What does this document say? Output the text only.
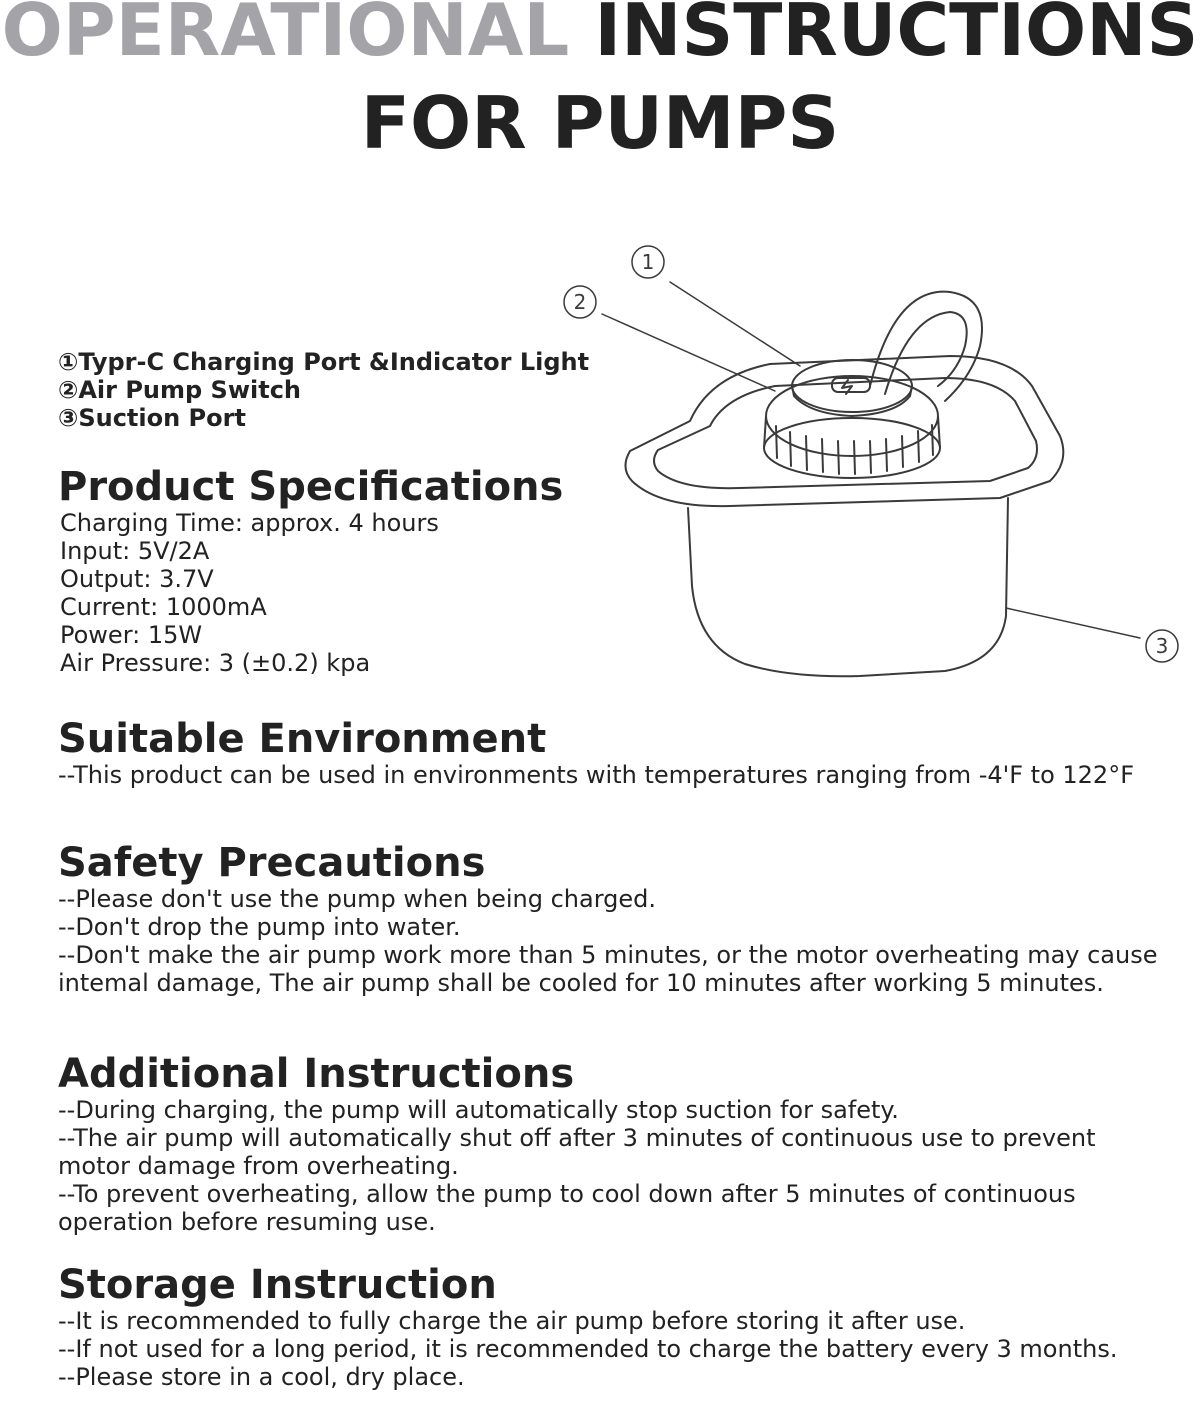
OPERATIONAL INSTRUCTIONS
FOR PUMPS
1
2
3
①Typr-C Charging Port &Indicator Light
②Air Pump Switch
③Suction Port
Product Specifications
Charging Time: approx. 4 hours
Input: 5V/2A
Output: 3.7V
Current: 1000mA
Power: 15W
Air Pressure: 3 (±0.2) kpa
Suitable Environment
--This product can be used in environments with temperatures ranging from -4'F to 122°F
Safety Precautions
--Please don't use the pump when being charged.
--Don't drop the pump into water.
--Don't make the air pump work more than 5 minutes, or the motor overheating may cause intemal damage, The air pump shall be cooled for 10 minutes after working 5 minutes.
Additional Instructions
--During charging, the pump will automatically stop suction for safety.
--The air pump will automatically shut off after 3 minutes of continuous use to prevent motor damage from overheating.
--To prevent overheating, allow the pump to cool down after 5 minutes of continuous operation before resuming use.
Storage Instruction
--It is recommended to fully charge the air pump before storing it after use.
--If not used for a long period, it is recommended to charge the battery every 3 months.
--Please store in a cool, dry place.
